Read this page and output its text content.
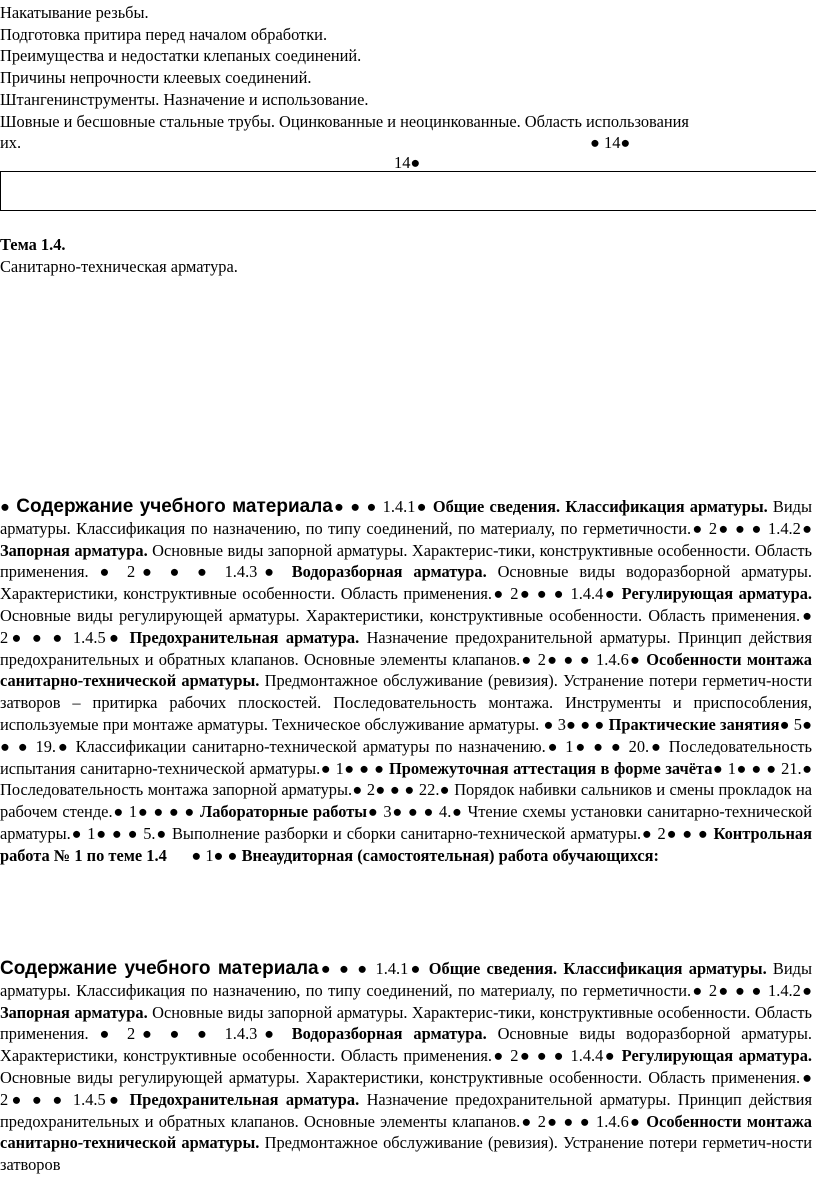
Накатывание резьбы.
Подготовка притира перед началом обработки.
Преимущества и недостатки клепаных соединений.
Причины непрочности клеевых соединений.
Штангенинструменты. Назначение и использование.
Шовные и бесшовные стальные трубы. Оцинкованные и неоцинкованные. Область использования
их.	● 14●
14●
Тема 1.4.
Санитарно-техническая арматура.
● Содержание учебного материала● ● ● 1.4.1● Общие сведения. Классификация арматуры. Виды арматуры. Классификация по назначению, по типу соединений, по материалу, по герметичности.● 2● ● ● 1.4.2● Запорная арматура. Основные виды запорной арматуры. Характерис-тики, конструктивные особенности. Область применения. ● 2● ● ● 1.4.3● Водоразборная арматура. Основные виды водоразборной арматуры. Характеристики, конструктивные особенности. Область применения.● 2● ● ● 1.4.4● Регулирующая арматура. Основные виды регулирующей арматуры. Характеристики, конструктивные особенности. Область применения.● 2● ● ● 1.4.5● Предохранительная арматура. Назначение предохранительной арматуры. Принцип действия предохранительных и обратных клапанов. Основные элементы клапанов.● 2● ● ● 1.4.6● Особенности монтажа санитарно-технической арматуры. Предмонтажное обслуживание (ревизия). Устранение потери герметич-ности затворов – притирка рабочих плоскостей. Последовательность монтажа. Инструменты и приспособления, используемые при монтаже арматуры. Техническое обслуживание арматуры. ● 3● ● ● Практические занятия● 5● ● ● 19.● Классификации санитарно-технической арматуры по назначению.● 1● ● ● 20.● Последовательность испытания санитарно-технической арматуры.● 1● ● ● Промежуточная аттестация в форме зачёта● 1● ● ● 21.● Последовательность монтажа запорной арматуры.● 2● ● ● 22.● Порядок набивки сальников и смены прокладок на рабочем стенде.● 1● ● ● ● Лабораторные работы● 3● ● ● 4.● Чтение схемы установки санитарно-технической арматуры.● 1● ● ● 5.● Выполнение разборки и сборки санитарно-технической арматуры.● 2● ● ● Контрольная работа № 1 по теме 1.4      ● 1● ● Внеаудиторная (самостоятельная) работа обучающихся:
Содержание учебного материала● ● ● 1.4.1● Общие сведения. Классификация арматуры. Виды арматуры. Классификация по назначению, по типу соединений, по материалу, по герметичности.● 2● ● ● 1.4.2● Запорная арматура. Основные виды запорной арматуры. Характерис-тики, конструктивные особенности. Область применения. ● 2● ● ● 1.4.3● Водоразборная арматура. Основные виды водоразборной арматуры. Характеристики, конструктивные особенности. Область применения.● 2● ● ● 1.4.4● Регулирующая арматура. Основные виды регулирующей арматуры. Характеристики, конструктивные особенности. Область применения.● 2● ● ● 1.4.5● Предохранительная арматура. Назначение предохранительной арматуры. Принцип действия предохранительных и обратных клапанов. Основные элементы клапанов.● 2● ● ● 1.4.6● Особенности монтажа санитарно-технической арматуры. Предмонтажное обслуживание (ревизия). Устранение потери герметич-ности затворов
